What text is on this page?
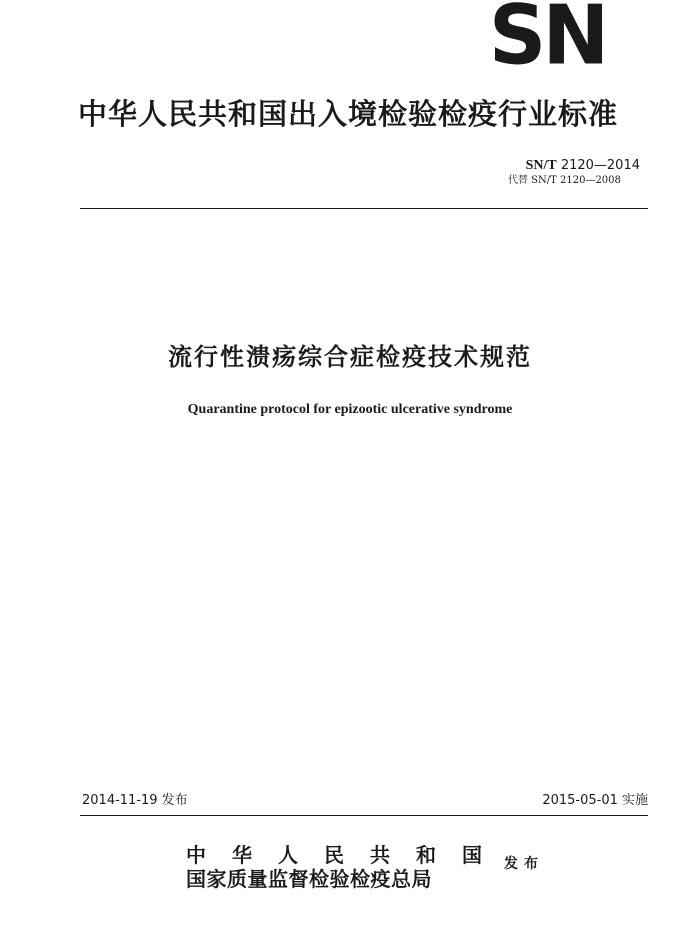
SN
中华人民共和国出入境检验检疫行业标准
SN/T 2120—2014
代替 SN/T 2120—2008
流行性溃疡综合症检疫技术规范
Quarantine protocol for epizootic ulcerative syndrome
2014-11-19 发布	2015-05-01 实施
中 华 人 民 共 和 国
国家质量监督检验检疫总局
发布
